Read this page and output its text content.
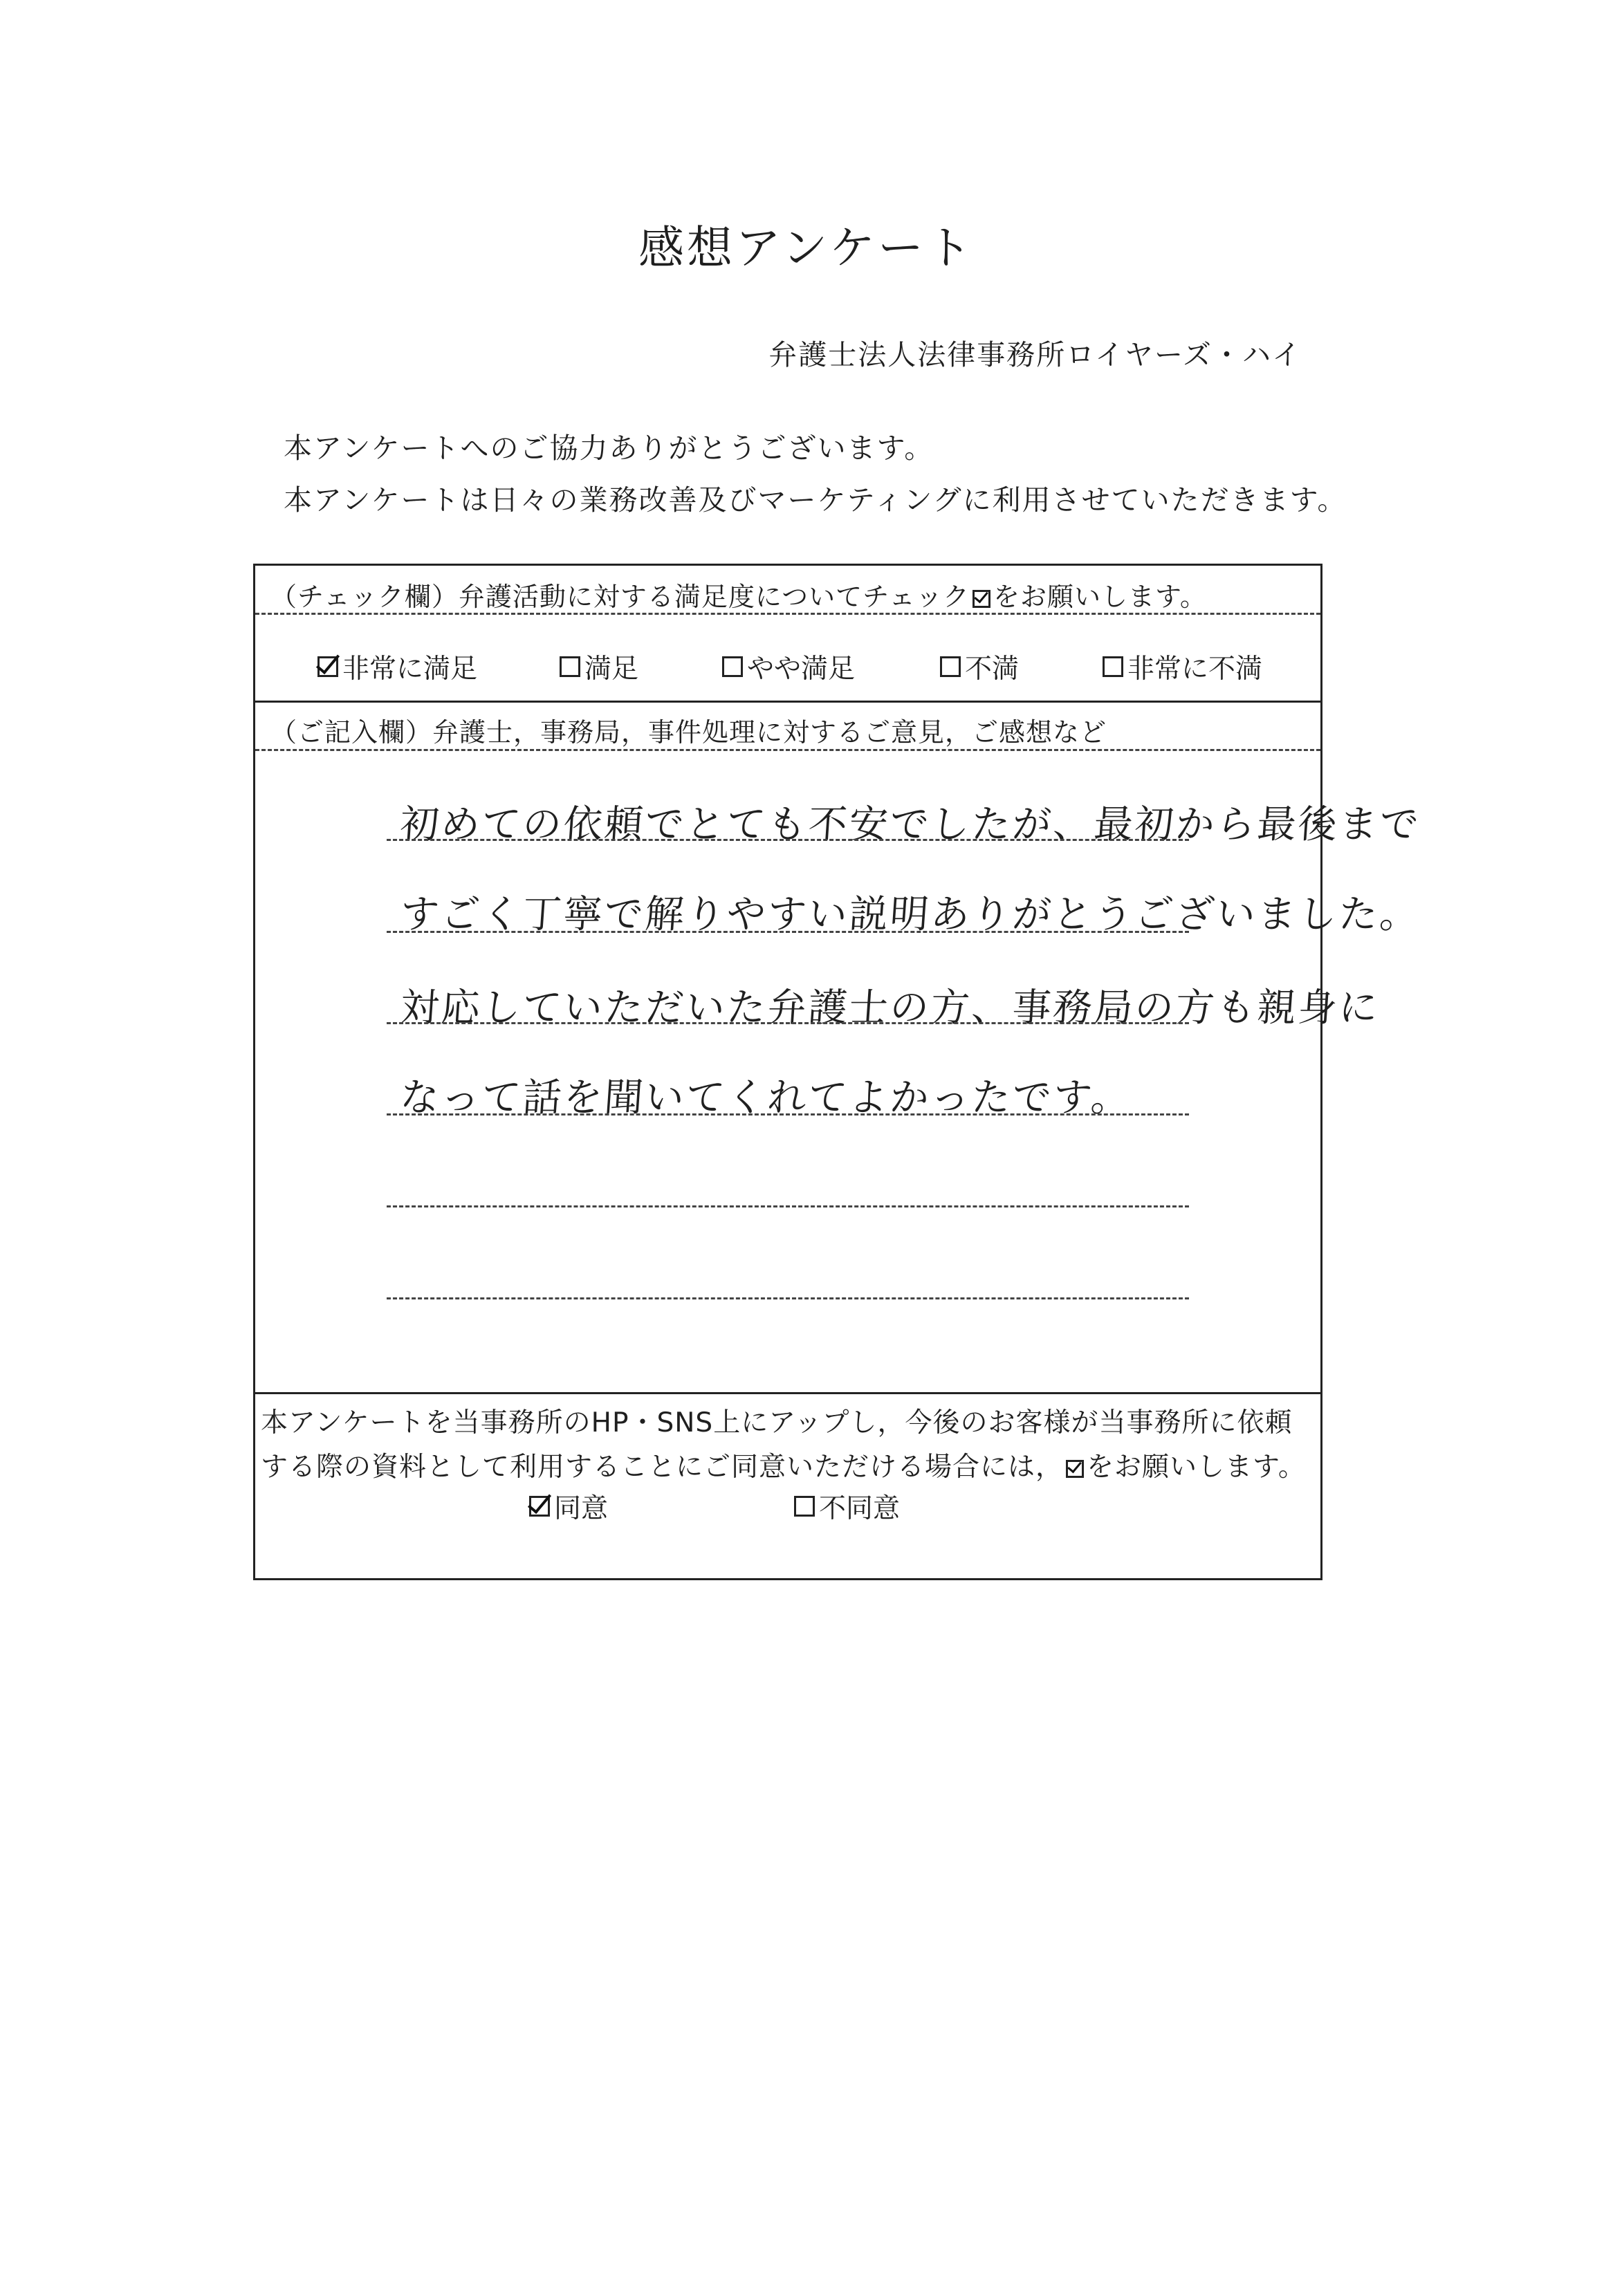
感想アンケート
弁護士法人法律事務所ロイヤーズ・ハイ
本アンケートへのご協力ありがとうございます。
本アンケートは日々の業務改善及びマーケティングに利用させていただきます。
（チェック欄）弁護活動に対する満足度についてチェック をお願いします。
非常に満足	満足	やや満足	不満	非常に不満
（ご記入欄）弁護士，事務局，事件処理に対するご意見，ご感想など
初めての依頼でとても不安でしたが、最初から最後まで
すごく丁寧で解りやすい説明ありがとうございました。
対応していただいた弁護士の方、事務局の方も親身に
なって話を聞いてくれてよかったです。
本アンケートを当事務所のHP・SNS上にアップし，今後のお客様が当事務所に依頼
する際の資料として利用することにご同意いただける場合には， をお願いします。
同意	不同意
